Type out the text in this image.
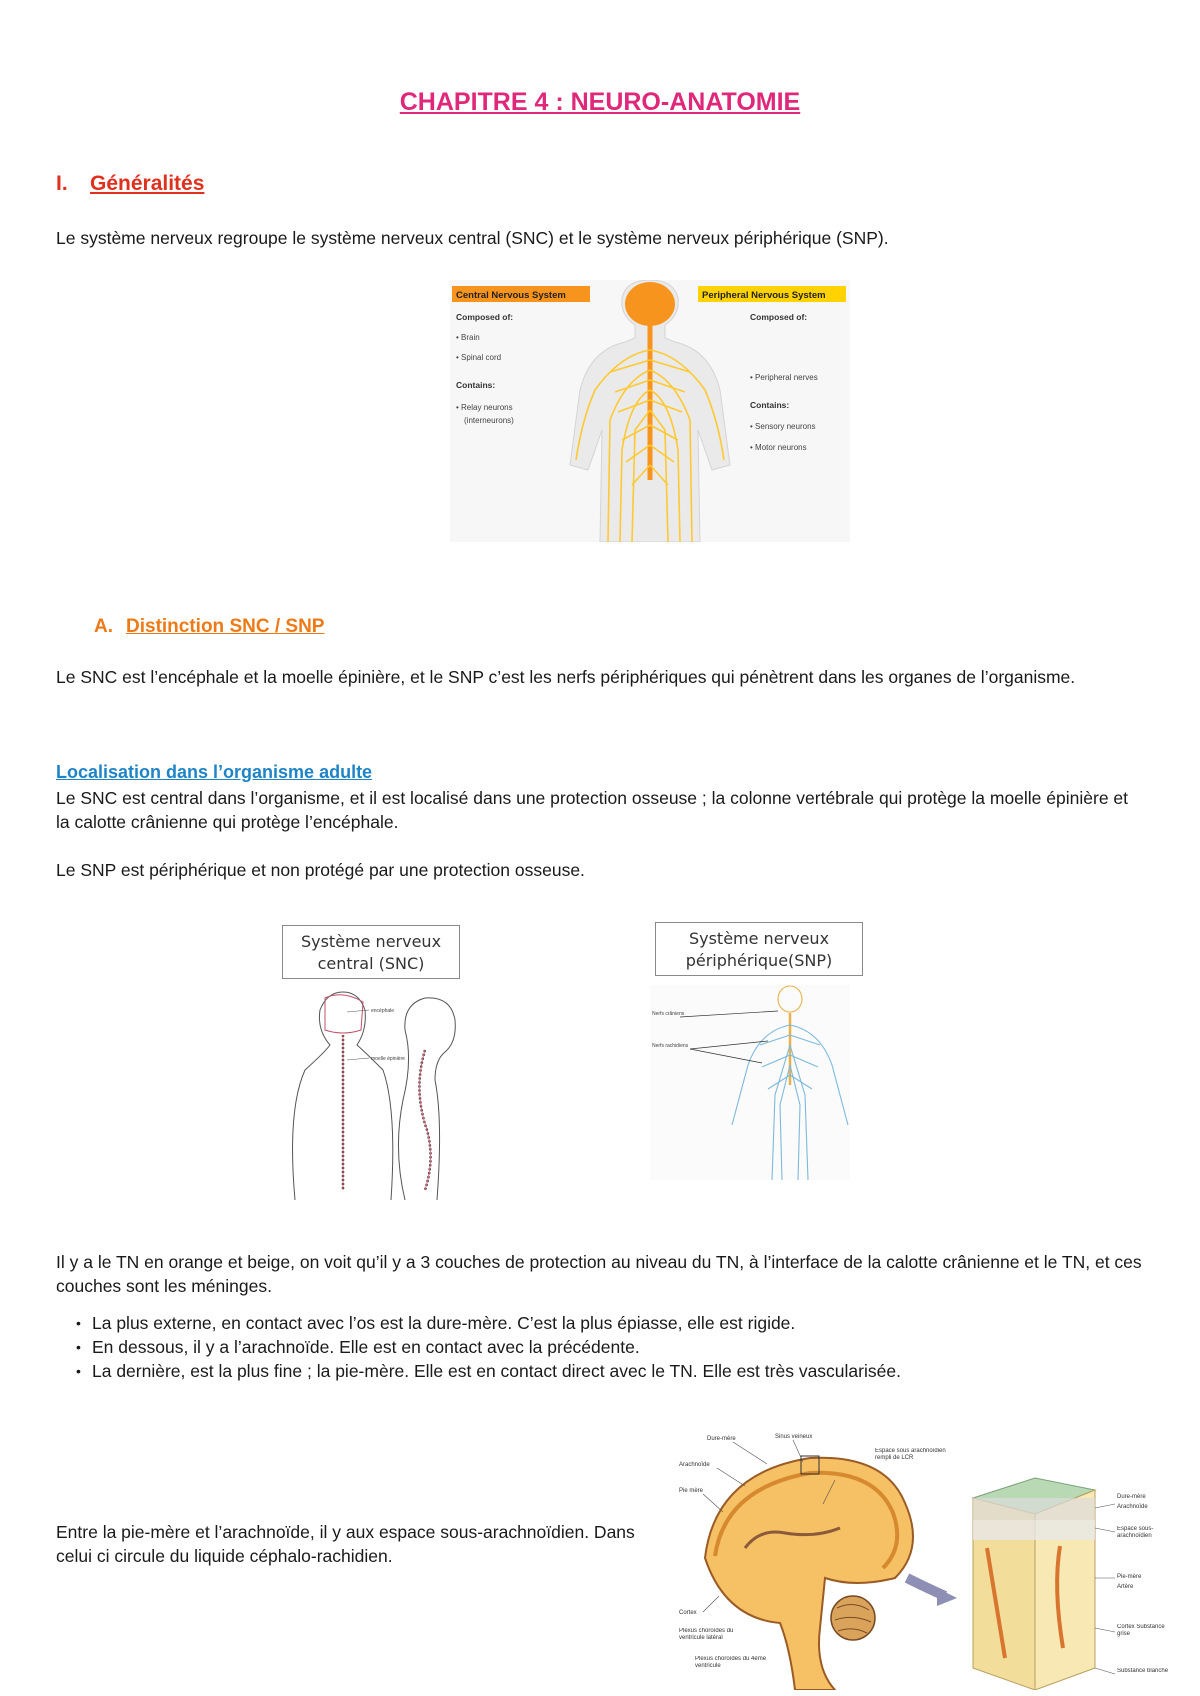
CHAPITRE 4 : NEURO-ANATOMIE
I. Généralités
Le système nerveux regroupe le système nerveux central (SNC) et le système nerveux périphérique (SNP).
Central Nervous System
Composed of:
• Brain
• Spinal cord
Contains:
• Relay neurons
(interneurons)
Peripheral Nervous System
Composed of:
• Peripheral nerves
Contains:
• Sensory neurons
• Motor neurons
A. Distinction SNC / SNP
Le SNC est l’encéphale et la moelle épinière, et le SNP c’est les nerfs périphériques qui pénètrent dans les organes de l’organisme.
Localisation dans l’organisme adulte
Le SNC est central dans l’organisme, et il est localisé dans une protection osseuse ; la colonne vertébrale qui protège la moelle épinière et la calotte crânienne qui protège l’encéphale.
Le SNP est périphérique et non protégé par une protection osseuse.
Système nerveux
central (SNC)
encéphale
moelle épinière
Système nerveux
périphérique(SNP)
Nerfs crâniens
Nerfs rachidiens
Il y a le TN en orange et beige, on voit qu’il y a 3 couches de protection au niveau du TN, à l’interface de la calotte crânienne et le TN, et ces couches sont les méninges.
• La plus externe, en contact avec l’os est la dure-mère. C’est la plus épiasse, elle est rigide.
• En dessous, il y a l’arachnoïde. Elle est en contact avec la précédente.
• La dernière, est la plus fine ; la pie-mère. Elle est en contact direct avec le TN. Elle est très vascularisée.
Entre la pie-mère et l’arachnoïde, il y aux espace sous-arachnoïdien. Dans celui ci circule du liquide céphalo-rachidien.
Dure-mère	Sinus veineux
Arachnoïde
Pie mère
Espace sous arachnoïdien rempli de LCR
Cortex
Plexus choroïdes du ventricule latéral
Plexus choroïdes du 4ème ventricule
Dure-mère
Arachnoïde
Espace sous-arachnoïdien
Pie-mère
Artère
Cortex Substance grise
Substance blanche
